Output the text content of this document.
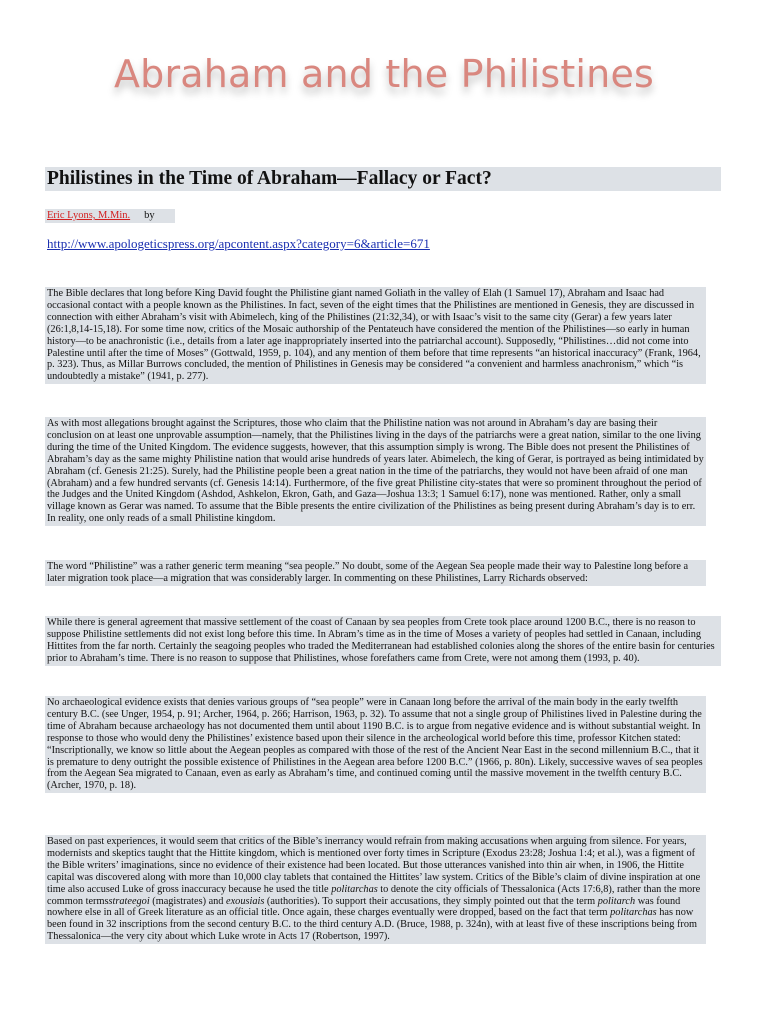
Abraham and the Philistines
Philistines in the Time of Abraham—Fallacy or Fact?
Eric Lyons, M.Min. by
http://www.apologeticspress.org/apcontent.aspx?category=6&article=671
The Bible declares that long before King David fought the Philistine giant named Goliath in the valley of Elah (1 Samuel 17), Abraham and Isaac had occasional contact with a people known as the Philistines. In fact, seven of the eight times that the Philistines are mentioned in Genesis, they are discussed in connection with either Abraham’s visit with Abimelech, king of the Philistines (21:32,34), or with Isaac’s visit to the same city (Gerar) a few years later (26:1,8,14-15,18). For some time now, critics of the Mosaic authorship of the Pentateuch have considered the mention of the Philistines—so early in human history—to be anachronistic (i.e., details from a later age inappropriately inserted into the patriarchal account). Supposedly, “Philistines…did not come into Palestine until after the time of Moses” (Gottwald, 1959, p. 104), and any mention of them before that time represents “an historical inaccuracy” (Frank, 1964, p. 323). Thus, as Millar Burrows concluded, the mention of Philistines in Genesis may be considered “a convenient and harmless anachronism,” which “is undoubtedly a mistake” (1941, p. 277).
As with most allegations brought against the Scriptures, those who claim that the Philistine nation was not around in Abraham’s day are basing their conclusion on at least one unprovable assumption—namely, that the Philistines living in the days of the patriarchs were a great nation, similar to the one living during the time of the United Kingdom. The evidence suggests, however, that this assumption simply is wrong. The Bible does not present the Philistines of Abraham’s day as the same mighty Philistine nation that would arise hundreds of years later. Abimelech, the king of Gerar, is portrayed as being intimidated by Abraham (cf. Genesis 21:25). Surely, had the Philistine people been a great nation in the time of the patriarchs, they would not have been afraid of one man (Abraham) and a few hundred servants (cf. Genesis 14:14). Furthermore, of the five great Philistine city-states that were so prominent throughout the period of the Judges and the United Kingdom (Ashdod, Ashkelon, Ekron, Gath, and Gaza—Joshua 13:3; 1 Samuel 6:17), none was mentioned. Rather, only a small village known as Gerar was named. To assume that the Bible presents the entire civilization of the Philistines as being present during Abraham’s day is to err. In reality, one only reads of a small Philistine kingdom.
The word “Philistine” was a rather generic term meaning “sea people.” No doubt, some of the Aegean Sea people made their way to Palestine long before a later migration took place—a migration that was considerably larger. In commenting on these Philistines, Larry Richards observed:
While there is general agreement that massive settlement of the coast of Canaan by sea peoples from Crete took place around 1200 B.C., there is no reason to suppose Philistine settlements did not exist long before this time. In Abram’s time as in the time of Moses a variety of peoples had settled in Canaan, including Hittites from the far north. Certainly the seagoing peoples who traded the Mediterranean had established colonies along the shores of the entire basin for centuries prior to Abraham’s time. There is no reason to suppose that Philistines, whose forefathers came from Crete, were not among them (1993, p. 40).
No archaeological evidence exists that denies various groups of “sea people” were in Canaan long before the arrival of the main body in the early twelfth century B.C. (see Unger, 1954, p. 91; Archer, 1964, p. 266; Harrison, 1963, p. 32). To assume that not a single group of Philistines lived in Palestine during the time of Abraham because archaeology has not documented them until about 1190 B.C. is to argue from negative evidence and is without substantial weight. In response to those who would deny the Philistines’ existence based upon their silence in the archeological world before this time, professor Kitchen stated: “Inscriptionally, we know so little about the Aegean peoples as compared with those of the rest of the Ancient Near East in the second millennium B.C., that it is premature to deny outright the possible existence of Philistines in the Aegean area before 1200 B.C.” (1966, p. 80n). Likely, successive waves of sea peoples from the Aegean Sea migrated to Canaan, even as early as Abraham’s time, and continued coming until the massive movement in the twelfth century B.C. (Archer, 1970, p. 18).
Based on past experiences, it would seem that critics of the Bible’s inerrancy would refrain from making accusations when arguing from silence. For years, modernists and skeptics taught that the Hittite kingdom, which is mentioned over forty times in Scripture (Exodus 23:28; Joshua 1:4; et al.), was a figment of the Bible writers’ imaginations, since no evidence of their existence had been located. But those utterances vanished into thin air when, in 1906, the Hittite capital was discovered along with more than 10,000 clay tablets that contained the Hittites’ law system. Critics of the Bible’s claim of divine inspiration at one time also accused Luke of gross inaccuracy because he used the title politarchas to denote the city officials of Thessalonica (Acts 17:6,8), rather than the more common termsstrateegoi (magistrates) and exousiais (authorities). To support their accusations, they simply pointed out that the term politarch was found nowhere else in all of Greek literature as an official title. Once again, these charges eventually were dropped, based on the fact that term politarchas has now been found in 32 inscriptions from the second century B.C. to the third century A.D. (Bruce, 1988, p. 324n), with at least five of these inscriptions being from Thessalonica—the very city about which Luke wrote in Acts 17 (Robertson, 1997).
